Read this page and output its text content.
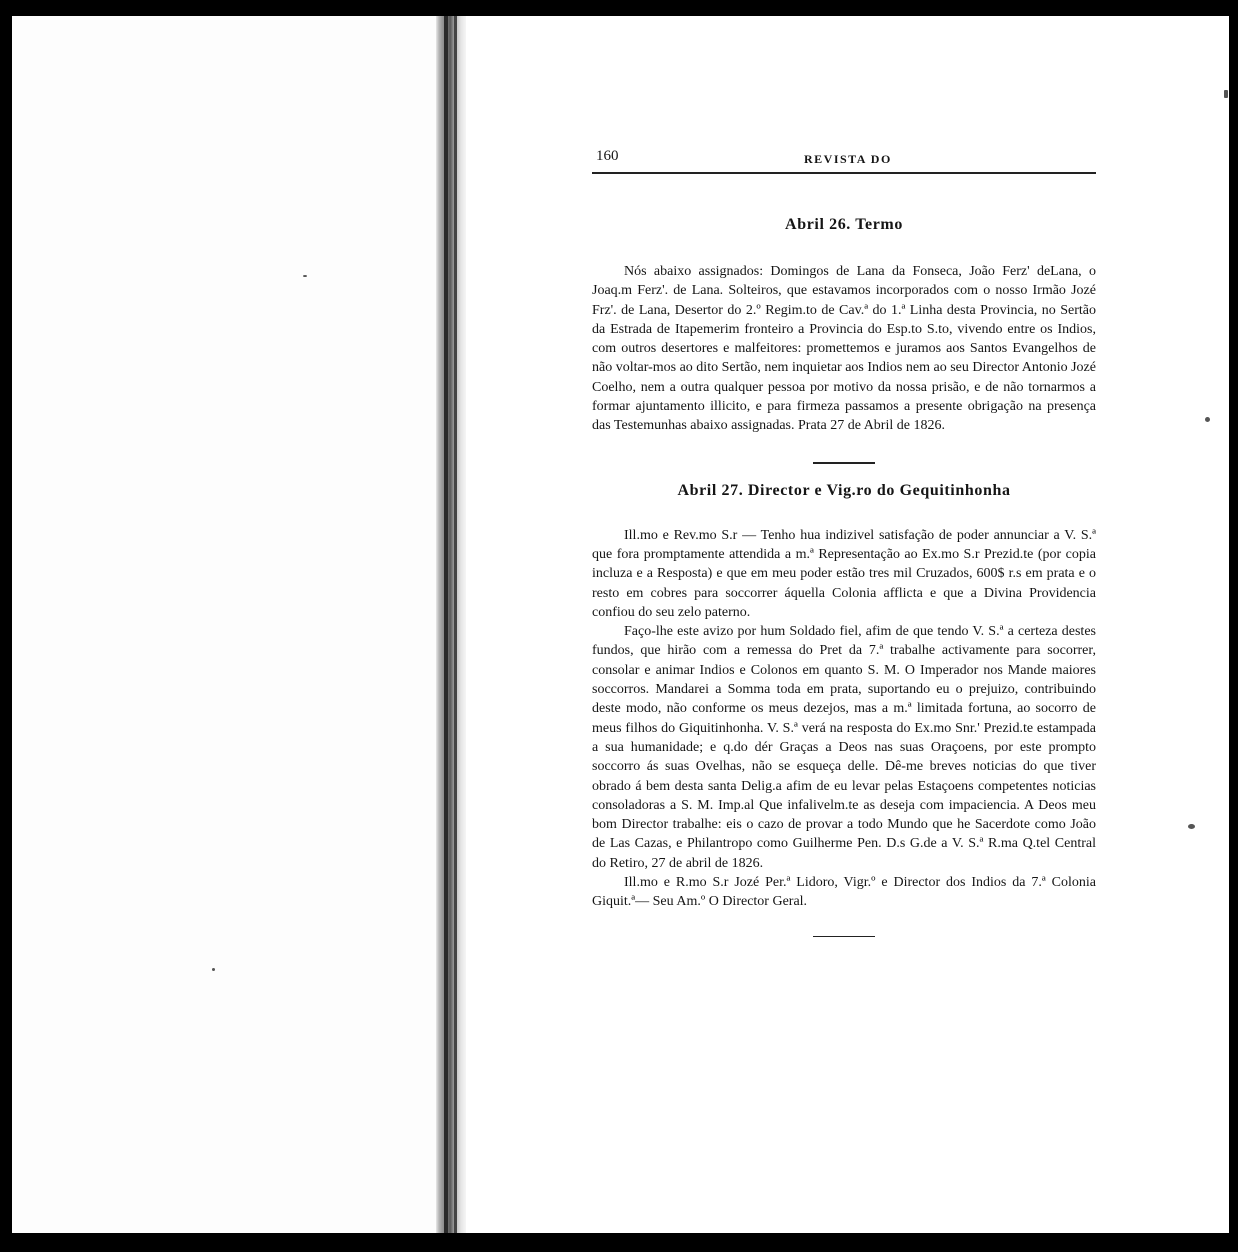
160	REVISTA DO
Abril 26. Termo

Nós abaixo assignados: Domingos de Lana da Fonseca, João Ferz' deLana, o Joaq.m Ferz'. de Lana. Solteiros, que estavamos incorporados com o nosso Irmão Jozé Frz'. de Lana, Desertor do 2.º Regim.to de Cav.ª do 1.ª Linha desta Provincia, no Sertão da Estrada de Itapemerim fronteiro a Provincia do Esp.to S.to, vivendo entre os Indios, com outros desertores e malfeitores: promettemos e juramos aos Santos Evangelhos de não voltar-mos ao dito Sertão, nem inquietar aos Indios nem ao seu Director Antonio Jozé Coelho, nem a outra qualquer pessoa por motivo da nossa prisão, e de não tornarmos a formar ajuntamento illicito, e para firmeza passamos a presente obrigação na presença das Testemunhas abaixo assignadas. Prata 27 de Abril de 1826.

Abril 27. Director e Vig.ro do Gequitinhonha

Ill.mo e Rev.mo S.r — Tenho hua indizivel satisfação de poder annunciar a V. S.ª que fora promptamente attendida a m.ª Representação ao Ex.mo S.r Prezid.te (por copia incluza e a Resposta) e que em meu poder estão tres mil Cruzados, 600$ r.s em prata e o resto em cobres para soccorrer áquella Colonia afflicta e que a Divina Providencia confiou do seu zelo paterno.

Faço-lhe este avizo por hum Soldado fiel, afim de que tendo V. S.ª a certeza destes fundos, que hirão com a remessa do Pret da 7.ª trabalhe activamente para socorrer, consolar e animar Indios e Colonos em quanto S. M. O Imperador nos Mande maiores soccorros. Mandarei a Somma toda em prata, suportando eu o prejuizo, contribuindo deste modo, não conforme os meus dezejos, mas a m.ª limitada fortuna, ao socorro de meus filhos do Giquitinhonha. V. S.ª verá na resposta do Ex.mo Snr.' Prezid.te estampada a sua humanidade; e q.do dér Graças a Deos nas suas Oraçoens, por este prompto soccorro ás suas Ovelhas, não se esqueça delle. Dê-me breves noticias do que tiver obrado á bem desta santa Delig.a afim de eu levar pelas Estaçoens competentes noticias consoladoras a S. M. Imp.al Que infalivelm.te as deseja com impaciencia. A Deos meu bom Director trabalhe: eis o cazo de provar a todo Mundo que he Sacerdote como João de Las Cazas, e Philantropo como Guilherme Pen. D.s G.de a V. S.ª R.ma Q.tel Central do Retiro, 27 de abril de 1826.

Ill.mo e R.mo S.r Jozé Per.ª Lidoro, Vigr.º e Director dos Indios da 7.ª Colonia Giquit.ª— Seu Am.º O Director Geral.
